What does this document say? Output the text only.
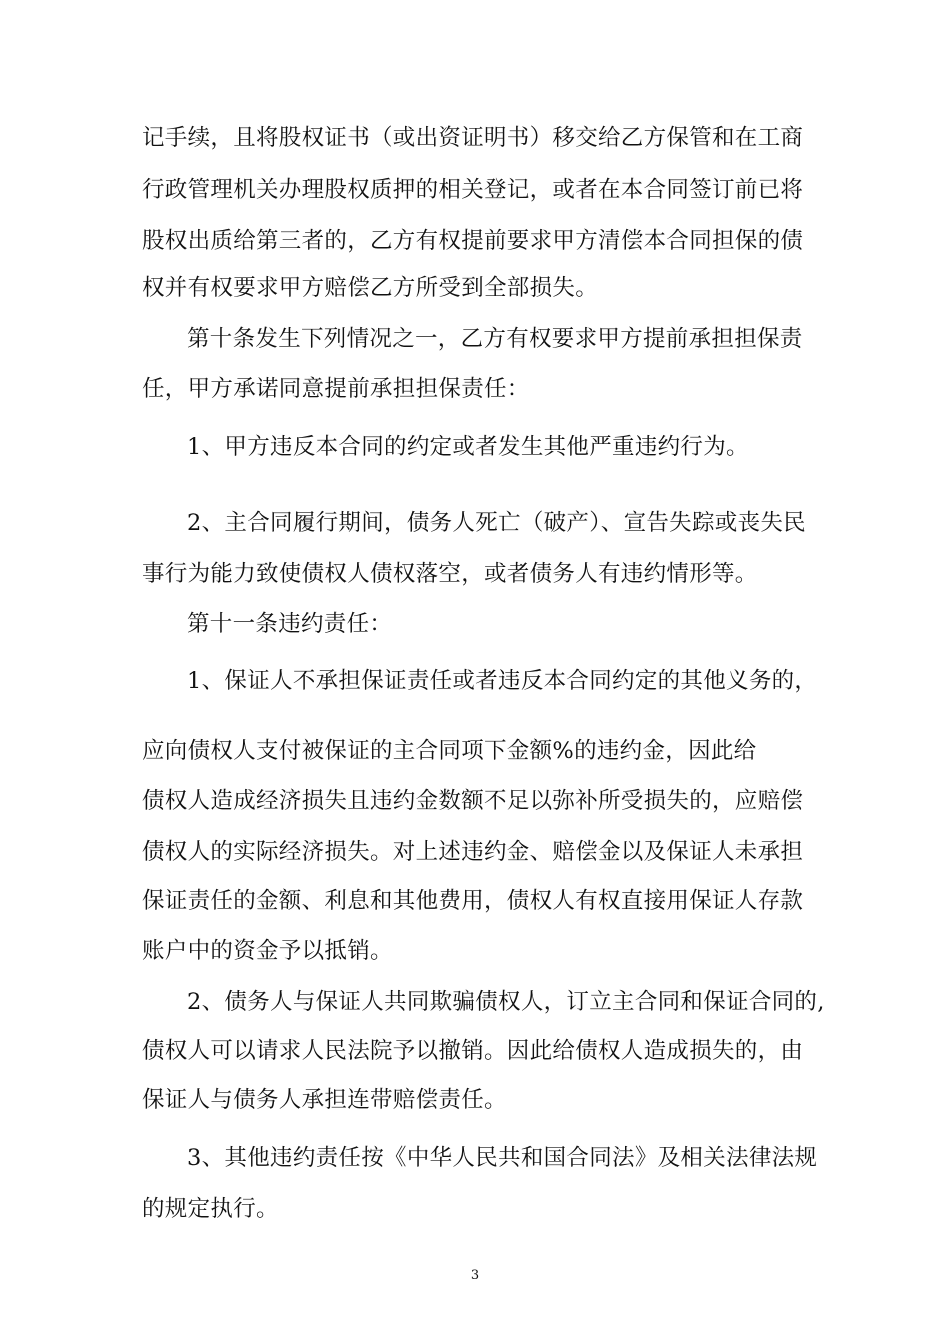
记手续，且将股权证书（或出资证明书）移交给乙方保管和在工商
行政管理机关办理股权质押的相关登记，或者在本合同签订前已将
股权出质给第三者的，乙方有权提前要求甲方清偿本合同担保的债
权并有权要求甲方赔偿乙方所受到全部损失。
第十条发生下列情况之一，乙方有权要求甲方提前承担担保责
任，甲方承诺同意提前承担担保责任：
1、甲方违反本合同的约定或者发生其他严重违约行为。
2、主合同履行期间，债务人死亡（破产）、宣告失踪或丧失民
事行为能力致使债权人债权落空，或者债务人有违约情形等。
第十一条违约责任：
1、保证人不承担保证责任或者违反本合同约定的其他义务的，
应向债权人支付被保证的主合同项下金额%的违约金，因此给
债权人造成经济损失且违约金数额不足以弥补所受损失的，应赔偿
债权人的实际经济损失。对上述违约金、赔偿金以及保证人未承担
保证责任的金额、利息和其他费用，债权人有权直接用保证人存款
账户中的资金予以抵销。
2、债务人与保证人共同欺骗债权人，订立主合同和保证合同的,
债权人可以请求人民法院予以撤销。因此给债权人造成损失的，由
保证人与债务人承担连带赔偿责任。
3、其他违约责任按《中华人民共和国合同法》及相关法律法规
的规定执行。
3
